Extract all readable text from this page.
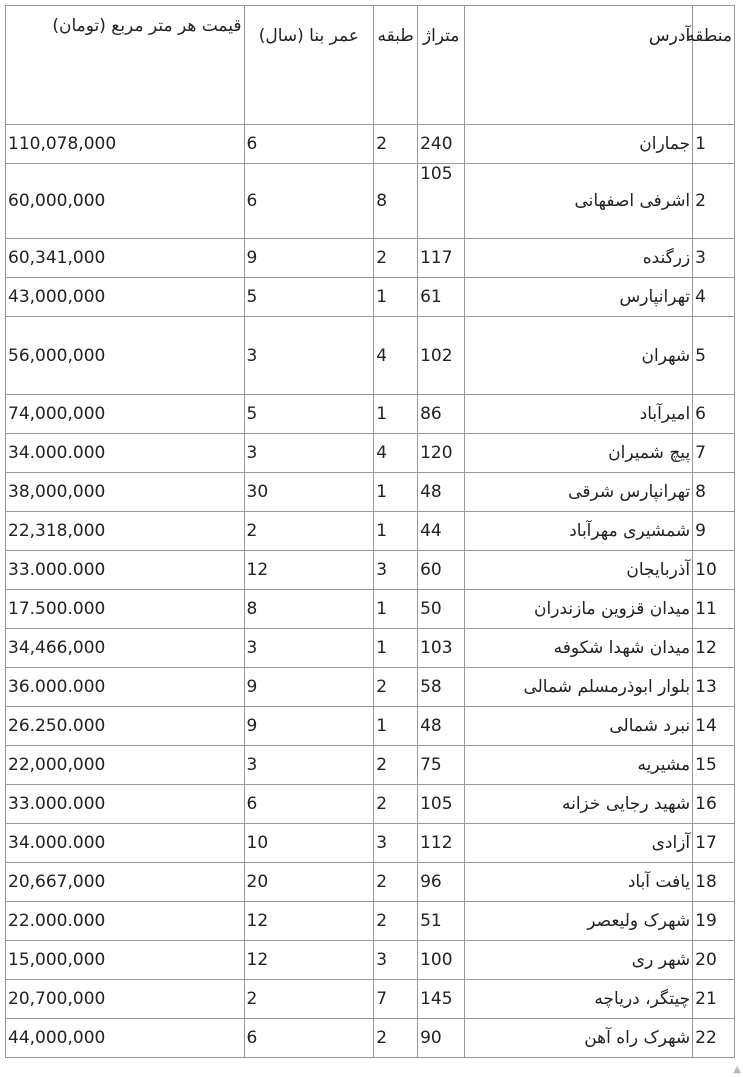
منطقه	آدرس	متراژ	طبقه	عمر بنا (سال)	قیمت هر متر مربع (تومان)
1	جماران	240	2	6	110,078,000
2	اشرفی اصفهانی	105	8	6	60,000,000
3	زرگنده	117	2	9	60,341,000
4	تهرانپارس	61	1	5	43,000,000
5	شهران	102	4	3	56,000,000
6	امیرآباد	86	1	5	74,000,000
7	پیچ شمیران	120	4	3	34.000.000
8	تهرانپارس شرقی	48	1	30	38,000,000
9	شمشیری مهرآباد	44	1	2	22,318,000
10	آذربایجان	60	3	12	33.000.000
11	میدان قزوین مازندران	50	1	8	17.500.000
12	میدان شهدا شکوفه	103	1	3	34,466,000
13	بلوار ابوذرمسلم شمالی	58	2	9	36.000.000
14	نبرد شمالی	48	1	9	26.250.000
15	مشیریه	75	2	3	22,000,000
16	شهید رجایی خزانه	105	2	6	33.000.000
17	آزادی	112	3	10	34.000.000
18	یافت آباد	96	2	20	20,667,000
19	شهرک ولیعصر	51	2	12	22.000.000
20	شهر ری	100	3	12	15,000,000
21	چیتگر، دریاچه	145	7	2	20,700,000
22	شهرک راه آهن	90	2	6	44,000,000
▲
